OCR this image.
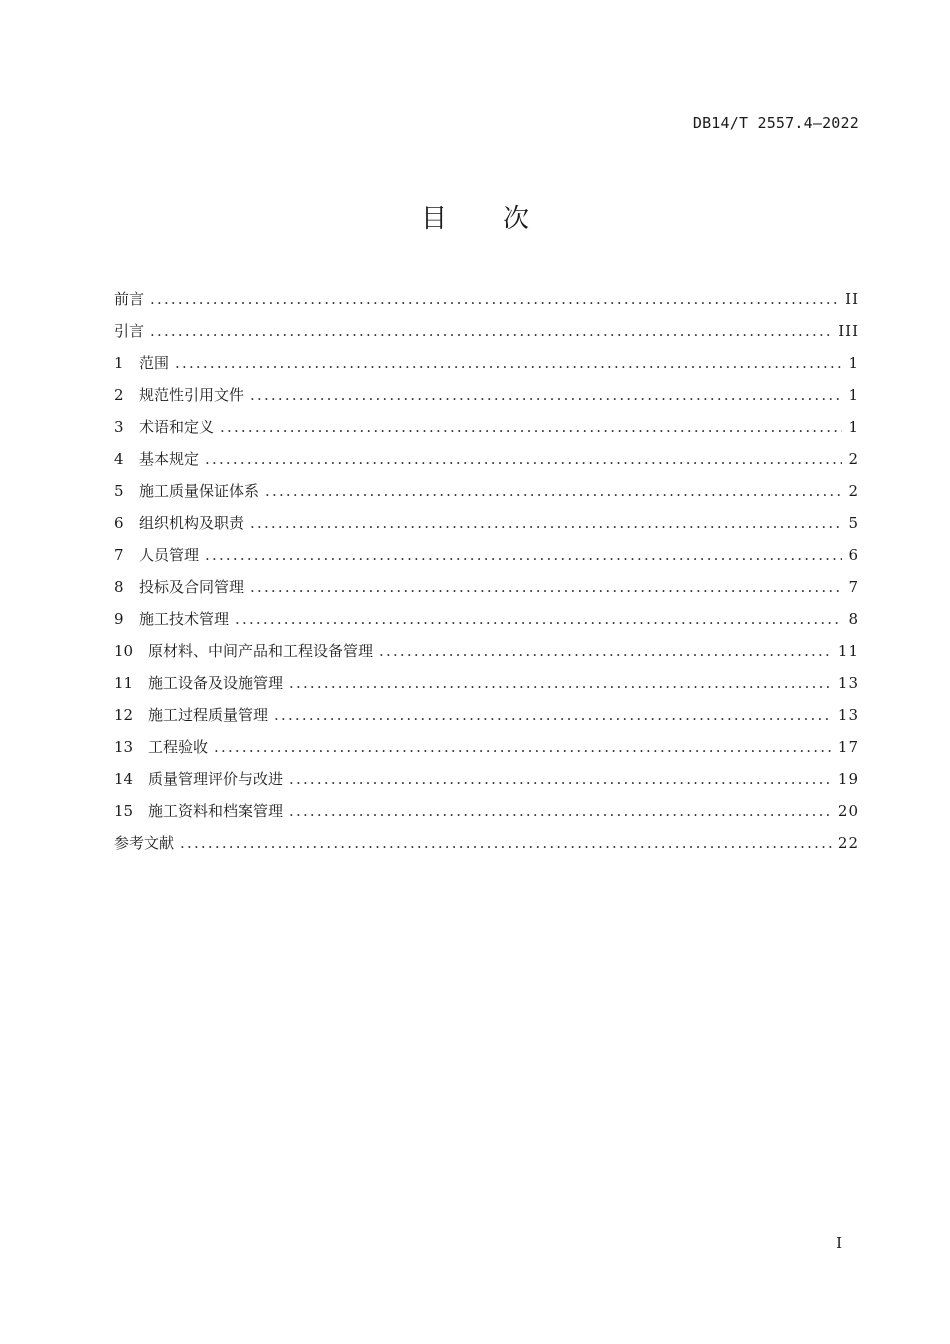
DB14/T 2557.4—2022
目次
前言 .....	II
引言 .....	III
1	范围 .....	1
2	规范性引用文件 .....	1
3	术语和定义 .....	1
4	基本规定 .....	2
5	施工质量保证体系 .....	2
6	组织机构及职责 .....	5
7	人员管理 .....	6
8	投标及合同管理 .....	7
9	施工技术管理 .....	8
10 原材料、中间产品和工程设备管理 .....	11
11 施工设备及设施管理 .....	13
12 施工过程质量管理 .....	13
13 工程验收 .....	17
14 质量管理评价与改进 .....	19
15 施工资料和档案管理 .....	20
参考文献 .....	22
I
